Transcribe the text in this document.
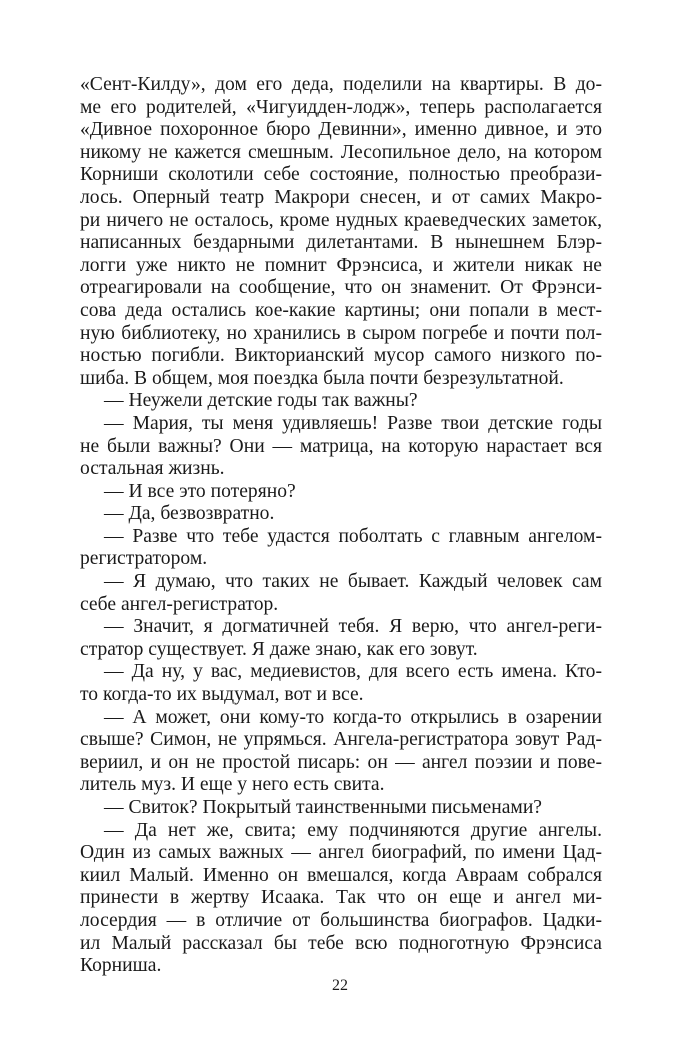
«Сент-Килду», дом его деда, поделили на квартиры. В до-
ме его родителей, «Чигуидден-лодж», теперь располагается
«Дивное похоронное бюро Девинни», именно дивное, и это
никому не кажется смешным. Лесопильное дело, на котором
Корниши сколотили себе состояние, полностью преобрази-
лось. Оперный театр Макрори снесен, и от самих Макро-
ри ничего не осталось, кроме нудных краеведческих заметок,
написанных бездарными дилетантами. В нынешнем Блэр-
логги уже никто не помнит Фрэнсиса, и жители никак не
отреагировали на сообщение, что он знаменит. От Фрэнси-
сова деда остались кое-какие картины; они попали в мест-
ную библиотеку, но хранились в сыром погребе и почти пол-
ностью погибли. Викторианский мусор самого низкого по-
шиба. В общем, моя поездка была почти безрезультатной.
— Неужели детские годы так важны?
— Мария, ты меня удивляешь! Разве твои детские годы
не были важны? Они — матрица, на которую нарастает вся
остальная жизнь.
— И все это потеряно?
— Да, безвозвратно.
— Разве что тебе удастся поболтать с главным ангелом-
регистратором.
— Я думаю, что таких не бывает. Каждый человек сам
себе ангел-регистратор.
— Значит, я догматичней тебя. Я верю, что ангел-реги-
стратор существует. Я даже знаю, как его зовут.
— Да ну, у вас, медиевистов, для всего есть имена. Кто-
то когда-то их выдумал, вот и все.
— А может, они кому-то когда-то открылись в озарении
свыше? Симон, не упрямься. Ангела-регистратора зовут Рад-
вериил, и он не простой писарь: он — ангел поэзии и пове-
литель муз. И еще у него есть свита.
— Свиток? Покрытый таинственными письменами?
— Да нет же, свита; ему подчиняются другие ангелы.
Один из самых важных — ангел биографий, по имени Цад-
киил Малый. Именно он вмешался, когда Авраам собрался
принести в жертву Исаака. Так что он еще и ангел ми-
лосердия — в отличие от большинства биографов. Цадки-
ил Малый рассказал бы тебе всю подноготную Фрэнсиса
Корниша.
22
